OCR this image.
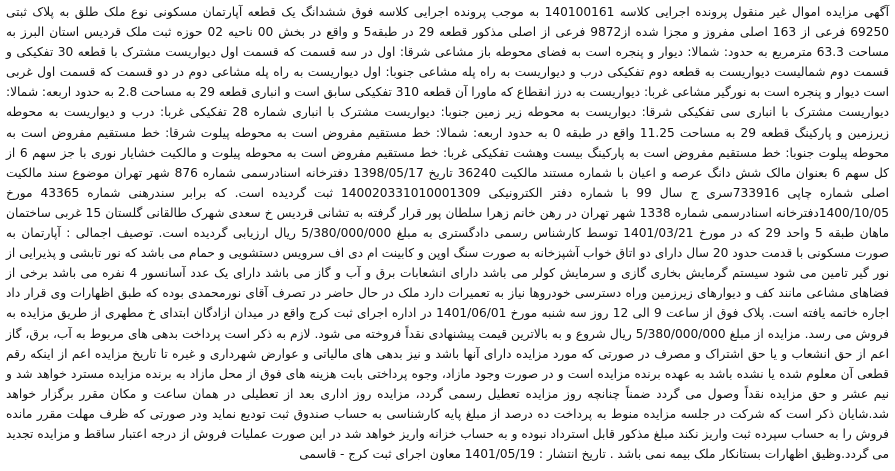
آگهی مزایده اموال غیر منقول پرونده اجرایی کلاسه 140100161 به موجب پرونده اجرایی کلاسه فوق ششدانگ یک قطعه آپارتمان مسکونی نوع ملک طلق به پلاک ثبتی 69250 فرعی از 163 اصلی مفروز و مجزا شده از9872 فرعی از اصلی مذکور قطعه 29 در طبقه5 و واقع در بخش 00 ناحیه 02 حوزه ثبت ملک قردیس استان البرز به مساحت 63.3 مترمربع به حدود: شمالا: دیوار و پنجره است به فضای محوطه باز مشاعی شرقا: اول در سه قسمت که قسمت اول دیواریست مشترک با قطعه 30 تفکیکی و قسمت دوم شمالیست دیواریست به قطعه دوم تفکیکی درب و دیواریست به راه پله مشاعی جنوبا: اول دیواریست به راه پله مشاعی دوم در دو قسمت که قسمت اول غربی است دیوار و پنجره است به نورگیر مشاعی غربا: دیواریست به درز انقطاع که ماورا آن قطعه 310 تفکیکی سابق است و انباری قطعه 29 به مساحت 2.8 به حدود اربعه: شمالا: دیواریست مشترک با انباری سی تفکیکی شرقا: دیواریست به محوطه زیر زمین جنوبا: دیواریست مشترک با انباری شماره 28 تفکیکی غربا: درب و دیواریست به محوطه زیرزمین و پارکینگ قطعه 29 به مساحت 11.25 واقع در طبقه 0 به حدود اربعه: شمالا: خط مستقیم مفروض است به محوطه پیلوت شرقا: خط مستقیم مفروض است به محوطه پیلوت جنوبا: خط مستقیم مفروض است به پارکینگ بیست وهشت تفکیکی غربا: خط مستقیم مفروض است به محوطه پیلوت و مالکیت خشایار نوری با جز سهم 6 از کل سهم 6 بعنوان مالک شش دانگ عرصه و اعیان با شماره مستند مالکیت 36240 تاریخ 1398/05/17 دفترخانه اسنادرسمی شماره 876 شهر تهران موضوع سند مالکیت اصلی شماره چاپی 733916سری ج سال 99 با شماره دفتر الکترونیکی 140020331010001309 ثبت گردیده است. که برابر سندرهنی شماره 43365 مورخ 1400/10/05دفترخانه اسنادرسمی شماره 1338 شهر تهران در رهن خانم زهرا سلطان پور قرار گرفته به تشانی قردیس خ سعدی شهرک طالقانی گلستان 15 غربی ساختمان ماهان طبقه 5 واحد 29 که در مورخ 1401/03/21 توسط کارشناس رسمی دادگستری به مبلغ 5/380/000/000 ریال ارزیابی گردیده است. توصیف اجمالی : آپارتمان به صورت مسکونی با قدمت حدود 20 سال دارای دو اتاق خواب آشپزخانه به صورت سنگ اوپن و کابینت ام دی اف سرویس دستشویی و حمام می باشد که نور تابشی و پذیرایی از نور گیر تامین می شود سیستم گرمایش بخاری گازی و سرمایش کولر می باشد دارای انشعابات برق و آب و گاز می باشد دارای یک عدد آسانسور 4 نفره می باشد برخی از فضاهای مشاعی مانند کف و دیوارهای زیرزمین وراه دسترسی خودروها نیاز به تعمیرات دارد ملک در حال حاضر در تصرف آقای نورمحمدی بوده که طبق اظهارات وی قرار داد اجاره خاتمه یافته است. پلاک فوق از ساعت 9 الی 12 روز سه شنبه مورخ 1401/06/01 در اداره اجرای ثبت کرج واقع در میدان ازادگان ابتدای خ مطهری از طریق مزایده به فروش می رسد. مزایده از مبلغ 5/380/000/000 ریال شروع و به بالاترین قیمت پیشنهادی نقداً فروخته می شود. لازم به ذکر است پرداخت بدهی های مربوط به آب، برق، گاز اعم از حق انشعاب و یا حق اشتراک و مصرف در صورتی که مورد مزایده دارای آنها باشد و نیز بدهی های مالیاتی و عوارض شهرداری و غیره تا تاریخ مزایده اعم از اینکه رقم قطعی آن معلوم شده یا نشده باشد به عهده برنده مزایده است و در صورت وجود مازاد، وجوه پرداختی بابت هزینه های فوق از محل مازاد به برنده مزایده مسترد خواهد شد و نیم عشر و حق مزایده نقداً وصول می گردد ضمناً چنانچه روز مزایده تعطیل رسمی گردد، مزایده روز اداری بعد از تعطیلی در همان ساعت و مکان مقرر برگزار خواهد شد.شایان ذکر است که شرکت در جلسه مزایده منوط به پرداخت ده درصد از مبلغ پایه کارشناسی به حساب صندوق ثبت تودیع نماید ودر صورتی که ظرف مهلت مقرر مانده فروش را به حساب سپرده ثبت واریز نکند مبلغ مذکور قابل استرداد نبوده و به حساب خزانه واریز خواهد شد در این صورت عملیات فروش از درجه اعتبار ساقط و مزایده تجدید می گردد.وظیق اظهارات بستانکار ملک بیمه نمی باشد . تاریخ انتشار : 1401/05/19 معاون اجرای ثبت کرج - قاسمی
